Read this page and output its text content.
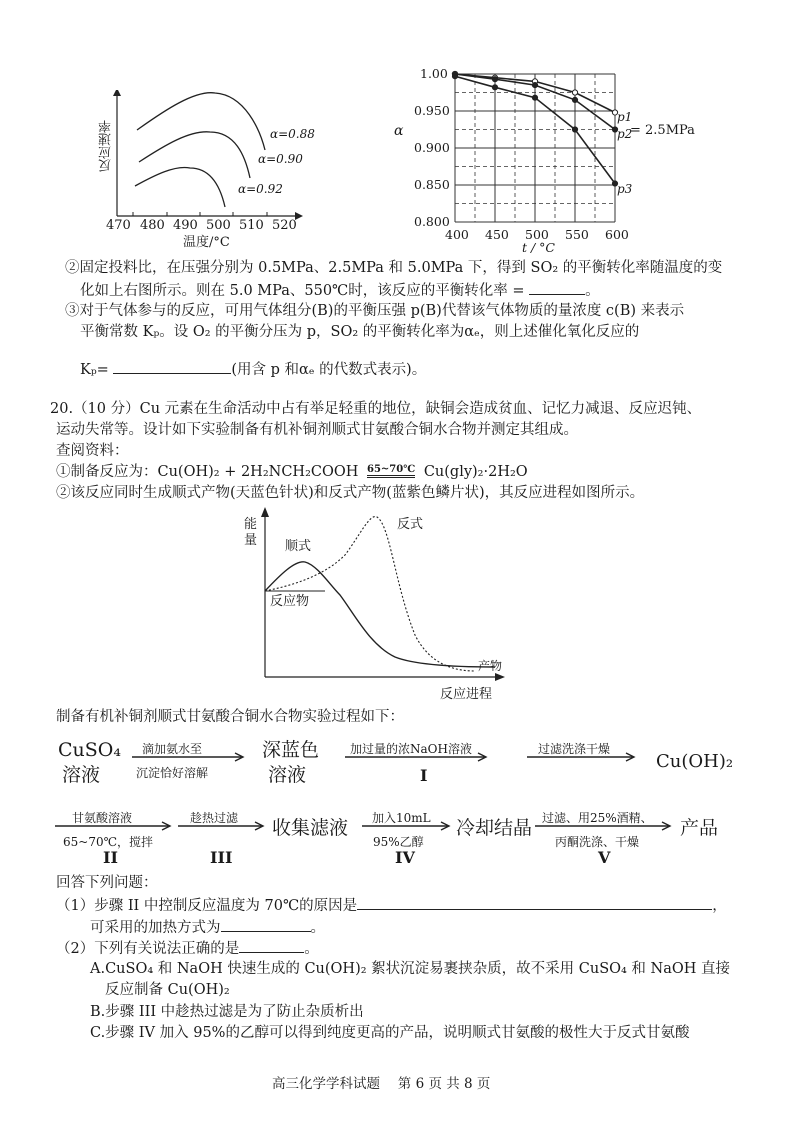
反应速率	α=0.88
α=0.90
α=0.92
470 480 490 500 510 520
温度/°C
α
1.00
0.950
0.900
0.850
0.800
400 450 500 550 600
t / °C
p1
p2
= 2.5MPa
p3
②固定投料比，在压强分别为 0.5MPa、2.5MPa 和 5.0MPa 下，得到 SO₂ 的平衡转化率随温度的变
化如上右图所示。则在 5.0 MPa、550℃时，该反应的平衡转化率 =	。
③对于气体参与的反应，可用气体组分(B)的平衡压强 p(B)代替该气体物质的量浓度 c(B) 来表示
平衡常数 Kₚ。设 O₂ 的平衡分压为 p，SO₂ 的平衡转化率为αₑ，则上述催化氧化反应的
Kₚ=	(用含 p 和αₑ 的代数式表示)。
20.（10 分）Cu 元素在生命活动中占有举足轻重的地位，缺铜会造成贫血、记忆力减退、反应迟钝、
运动失常等。设计如下实验制备有机补铜剂顺式甘氨酸合铜水合物并测定其组成。
查阅资料：
①制备反应为：Cu(OH)₂ + 2H₂NCH₂COOH 65~70℃ Cu(gly)₂·2H₂O
②该反应同时生成顺式产物(天蓝色针状)和反式产物(蓝紫色鳞片状)，其反应进程如图所示。
能
量 顺式
反式
反应物
产物
反应进程
制备有机补铜剂顺式甘氨酸合铜水合物实验过程如下：
CuSO₄
溶液
滴加氨水至
沉淀恰好溶解
深蓝色
溶液
加过量的浓NaOH溶液
I
过滤洗涤干燥
Cu(OH)₂
甘氨酸溶液
65~70℃，搅拌
II
趁热过滤
III
收集滤液 加入10mL
95%乙醇
IV
冷却结晶 过滤、用25%酒精、
丙酮洗涤、干燥
V
产品
回答下列问题：
（1）步骤 II 中控制反应温度为 70℃的原因是	，
可采用的加热方式为	。
（2）下列有关说法正确的是	。
A.CuSO₄ 和 NaOH 快速生成的 Cu(OH)₂ 絮状沉淀易裹挟杂质，故不采用 CuSO₄ 和 NaOH 直接
反应制备 Cu(OH)₂
B.步骤 III 中趁热过滤是为了防止杂质析出
C.步骤 IV 加入 95%的乙醇可以得到纯度更高的产品，说明顺式甘氨酸的极性大于反式甘氨酸
高三化学学科试题　 第 6 页 共 8 页
